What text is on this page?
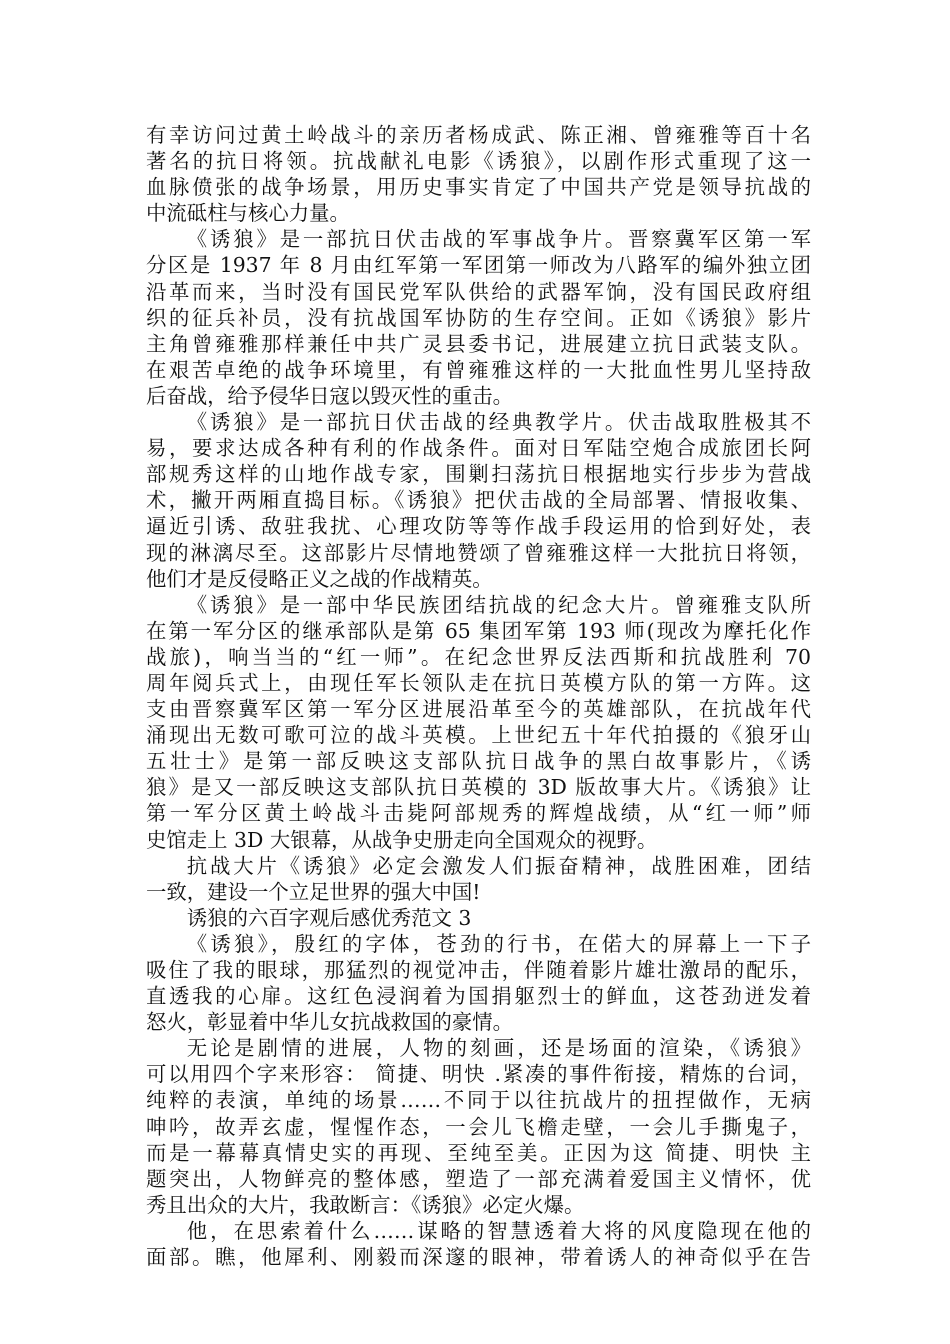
有幸访问过黄土岭战斗的亲历者杨成武、陈正湘、曾雍雅等百十名
著名的抗日将领。抗战献礼电影《诱狼》，以剧作形式重现了这一
血脉偾张的战争场景，用历史事实肯定了中国共产党是领导抗战的
中流砥柱与核心力量。
《诱狼》是一部抗日伏击战的军事战争片。晋察冀军区第一军
分区是 1937 年 8 月由红军第一军团第一师改为八路军的编外独立团
沿革而来，当时没有国民党军队供给的武器军饷，没有国民政府组
织的征兵补员，没有抗战国军协防的生存空间。正如《诱狼》影片
主角曾雍雅那样兼任中共广灵县委书记，进展建立抗日武装支队。
在艰苦卓绝的战争环境里，有曾雍雅这样的一大批血性男儿坚持敌
后奋战，给予侵华日寇以毁灭性的重击。
《诱狼》是一部抗日伏击战的经典教学片。伏击战取胜极其不
易，要求达成各种有利的作战条件。面对日军陆空炮合成旅团长阿
部规秀这样的山地作战专家，围剿扫荡抗日根据地实行步步为营战
术，撇开两厢直捣目标。《诱狼》把伏击战的全局部署、情报收集、
逼近引诱、敌驻我扰、心理攻防等等作战手段运用的恰到好处，表
现的淋漓尽至。这部影片尽情地赞颂了曾雍雅这样一大批抗日将领，
他们才是反侵略正义之战的作战精英。
《诱狼》是一部中华民族团结抗战的纪念大片。曾雍雅支队所
在第一军分区的继承部队是第 65 集团军第 193 师(现改为摩托化作
战旅)，响当当的“红一师”。在纪念世界反法西斯和抗战胜利 70
周年阅兵式上，由现任军长领队走在抗日英模方队的第一方阵。这
支由晋察冀军区第一军分区进展沿革至今的英雄部队，在抗战年代
涌现出无数可歌可泣的战斗英模。上世纪五十年代拍摄的《狼牙山
五壮士》是第一部反映这支部队抗日战争的黑白故事影片，《诱
狼》是又一部反映这支部队抗日英模的 3D 版故事大片。《诱狼》让
第一军分区黄土岭战斗击毙阿部规秀的辉煌战绩，从“红一师”师
史馆走上 3D 大银幕，从战争史册走向全国观众的视野。
抗战大片《诱狼》必定会激发人们振奋精神，战胜困难，团结
一致，建设一个立足世界的强大中国!
诱狼的六百字观后感优秀范文 3
《诱狼》，殷红的字体，苍劲的行书，在偌大的屏幕上一下子
吸住了我的眼球，那猛烈的视觉冲击，伴随着影片雄壮激昂的配乐，
直透我的心扉。这红色浸润着为国捐躯烈士的鲜血，这苍劲迸发着
怒火，彰显着中华儿女抗战救国的豪情。
无论是剧情的进展，人物的刻画，还是场面的渲染，《诱狼》
可以用四个字来形容： 简捷、明快 .紧凑的事件衔接，精炼的台词，
纯粹的表演，单纯的场景……不同于以往抗战片的扭捏做作，无病
呻吟，故弄玄虚，惺惺作态，一会儿飞檐走壁，一会儿手撕鬼子，
而是一幕幕真情史实的再现、至纯至美。正因为这 简捷、明快 主
题突出，人物鲜亮的整体感，塑造了一部充满着爱国主义情怀，优
秀且出众的大片，我敢断言：《诱狼》必定火爆。
他，在思索着什么……谋略的智慧透着大将的风度隐现在他的
面部。瞧，他犀利、刚毅而深邃的眼神，带着诱人的神奇似乎在告
